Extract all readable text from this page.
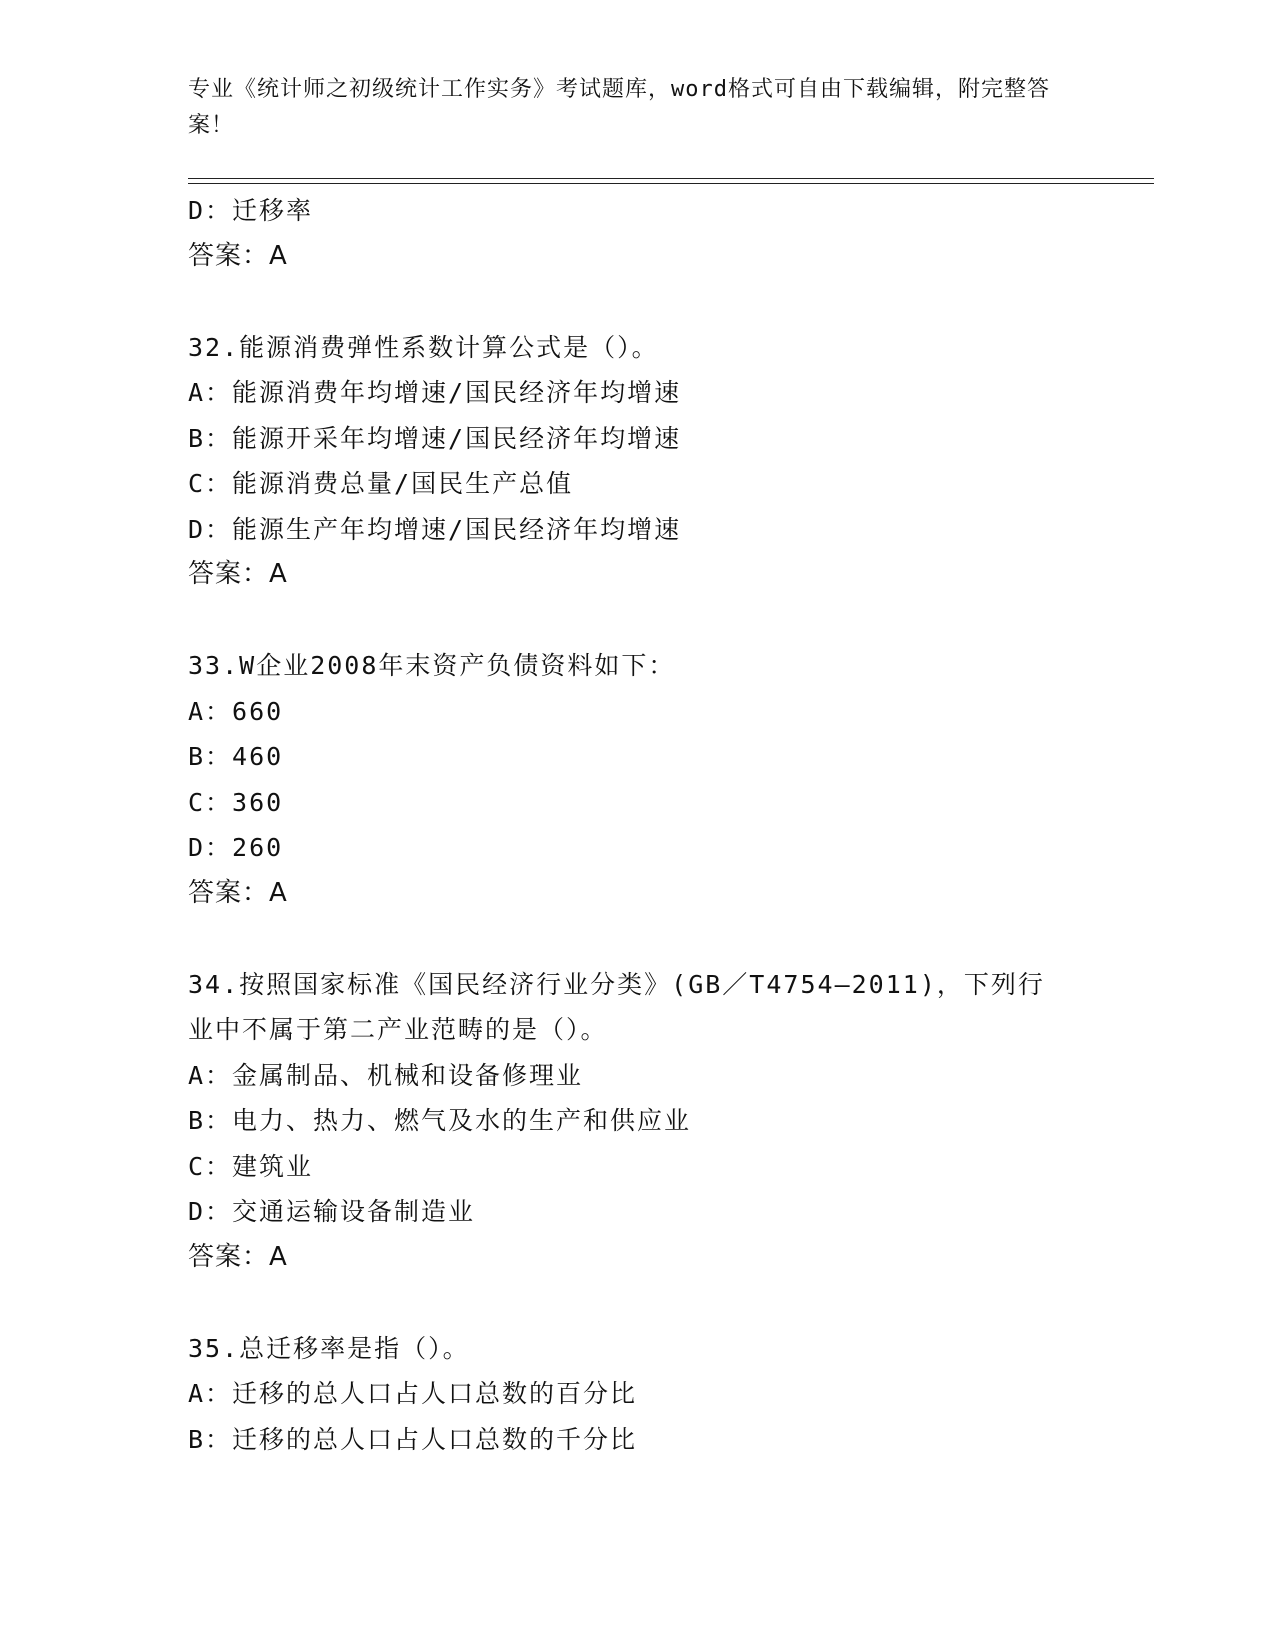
专业《统计师之初级统计工作实务》考试题库，word格式可自由下载编辑，附完整答案！
D：迁移率
答案：A
32.能源消费弹性系数计算公式是（）。
A：能源消费年均增速/国民经济年均增速
B：能源开采年均增速/国民经济年均增速
C：能源消费总量/国民生产总值
D：能源生产年均增速/国民经济年均增速
答案：A
33.W企业2008年末资产负债资料如下：
A：660
B：460
C：360
D：260
答案：A
34.按照国家标准《国民经济行业分类》(GB／T4754—2011)，下列行业中不属于第二产业范畴的是（）。
A：金属制品、机械和设备修理业
B：电力、热力、燃气及水的生产和供应业
C：建筑业
D：交通运输设备制造业
答案：A
35.总迁移率是指（）。
A：迁移的总人口占人口总数的百分比
B：迁移的总人口占人口总数的千分比
